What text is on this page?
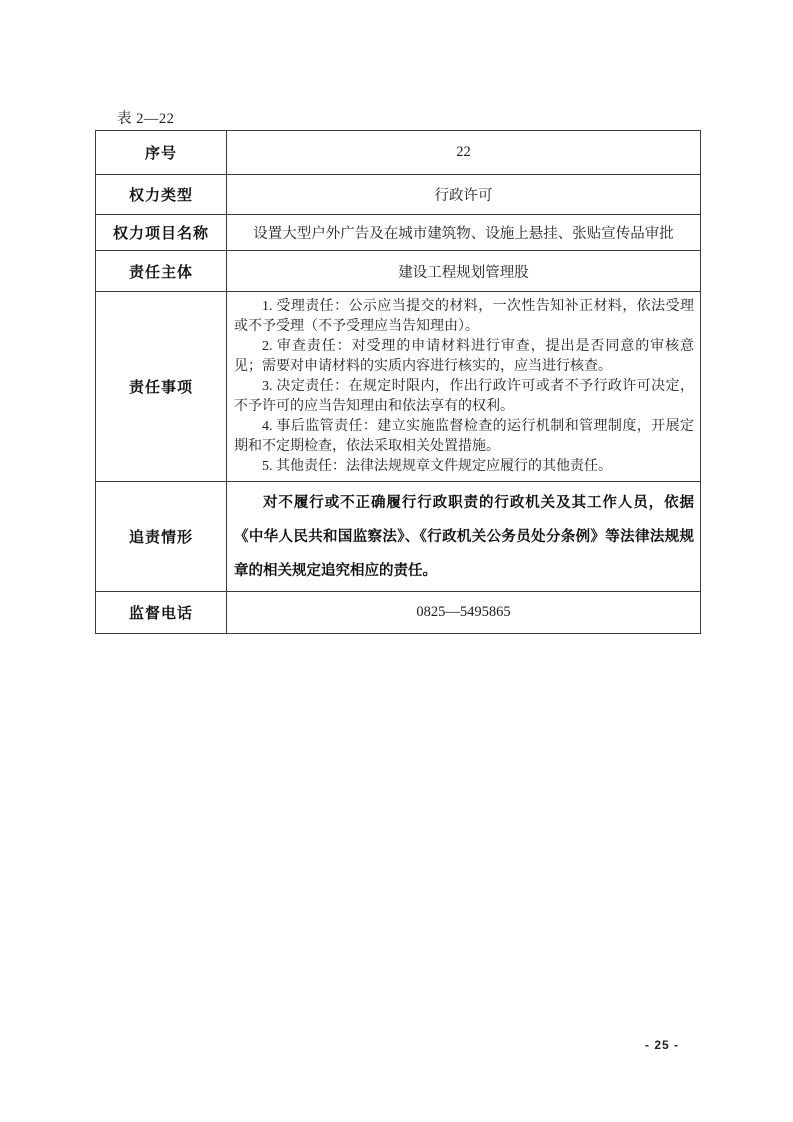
表 2—22
序号	22
权力类型	行政许可
权力项目名称	设置大型户外广告及在城市建筑物、设施上悬挂、张贴宣传品审批
责任主体	建设工程规划管理股
责任事项	1. 受理责任：公示应当提交的材料，一次性告知补正材料，依法受理或不予受理（不予受理应当告知理由）。

2. 审查责任：对受理的申请材料进行审查，提出是否同意的审核意见；需要对申请材料的实质内容进行核实的，应当进行核查。

3. 决定责任：在规定时限内，作出行政许可或者不予行政许可决定，不予许可的应当告知理由和依法享有的权利。

4. 事后监管责任：建立实施监督检查的运行机制和管理制度，开展定期和不定期检查，依法采取相关处置措施。

5. 其他责任：法律法规规章文件规定应履行的其他责任。

追责情形	对不履行或不正确履行行政职责的行政机关及其工作人员，依据《中华人民共和国监察法》、《行政机关公务员处分条例》等法律法规规章的相关规定追究相应的责任。

监督电话	0825—5495865
- 25 -
